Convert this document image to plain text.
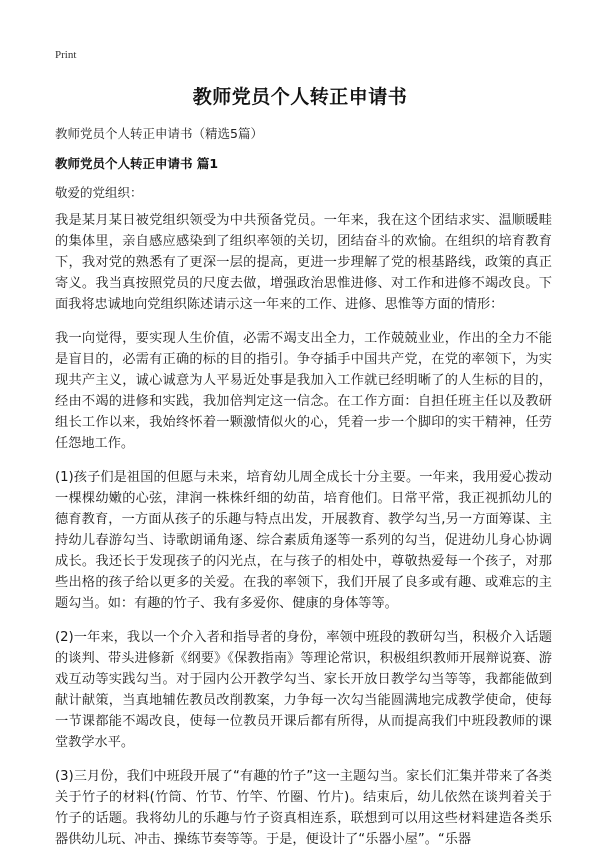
Print
教师党员个人转正申请书
教师党员个人转正申请书（精选5篇）
教师党员个人转正申请书 篇1
敬爱的党组织：

我是某月某日被党组织领受为中共预备党员。一年来，我在这个团结求实、温顺暖畦的集体里，亲自感应感染到了组织率领的关切，团结奋斗的欢愉。在组织的培育教育下，我对党的熟悉有了更深一层的提高，更进一步理解了党的根基路线，政策的真正寄义。我当真按照党员的尺度去做，增强政治思惟进修、对工作和进修不竭改良。下面我将忠诚地向党组织陈述请示这一年来的工作、进修、思惟等方面的情形：

我一向觉得，要实现人生价值，必需不竭支出全力，工作兢兢业业，作出的全力不能是盲目的，必需有正确的标的目的指引。争夺插手中国共产党，在党的率领下，为实现共产主义，诚心诚意为人平易近处事是我加入工作就已经明晰了的人生标的目的，经由不竭的进修和实践，我加倍判定这一信念。在工作方面：自担任班主任以及教研组长工作以来，我始终怀着一颗激情似火的心，凭着一步一个脚印的实干精神，任劳任怨地工作。

(1)孩子们是祖国的但愿与未来，培育幼儿周全成长十分主要。一年来，我用爱心拨动一棵棵幼嫩的心弦，津润一株株纤细的幼苗，培育他们。日常平常，我正视抓幼儿的德育教育，一方面从孩子的乐趣与特点出发，开展教育、教学勾当,另一方面筹谋、主持幼儿春游勾当、诗歌朗诵角逐、综合素质角逐等一系列的勾当，促进幼儿身心协调成长。我还长于发现孩子的闪光点，在与孩子的相处中，尊敬热爱每一个孩子，对那些出格的孩子给以更多的关爱。在我的率领下，我们开展了良多或有趣、或难忘的主题勾当。如：有趣的竹子、我有多爱你、健康的身体等等。

(2)一年来，我以一个介入者和指导者的身份，率领中班段的教研勾当，积极介入话题的谈判、带头进修新《纲要》《保教指南》等理论常识，积极组织教师开展辩说赛、游戏互动等实践勾当。对于园内公开教学勾当、家长开放日教学勾当等等，我都能做到献计献策，当真地辅佐教员改削教案，力争每一次勾当能圆满地完成教学使命，使每一节课都能不竭改良，使每一位教员开课后都有所得，从而提高我们中班段教师的课堂教学水平。

(3)三月份，我们中班段开展了“有趣的竹子”这一主题勾当。家长们汇集并带来了各类关于竹子的材料(竹筒、竹节、竹竿、竹圈、竹片)。结束后，幼儿依然在谈判着关于竹子的话题。我将幼儿的乐趣与竹子资真相连系，联想到可以用这些材料建造各类乐器供幼儿玩、冲击、操练节奏等等。于是，便设计了“乐器小屋”。“乐器
